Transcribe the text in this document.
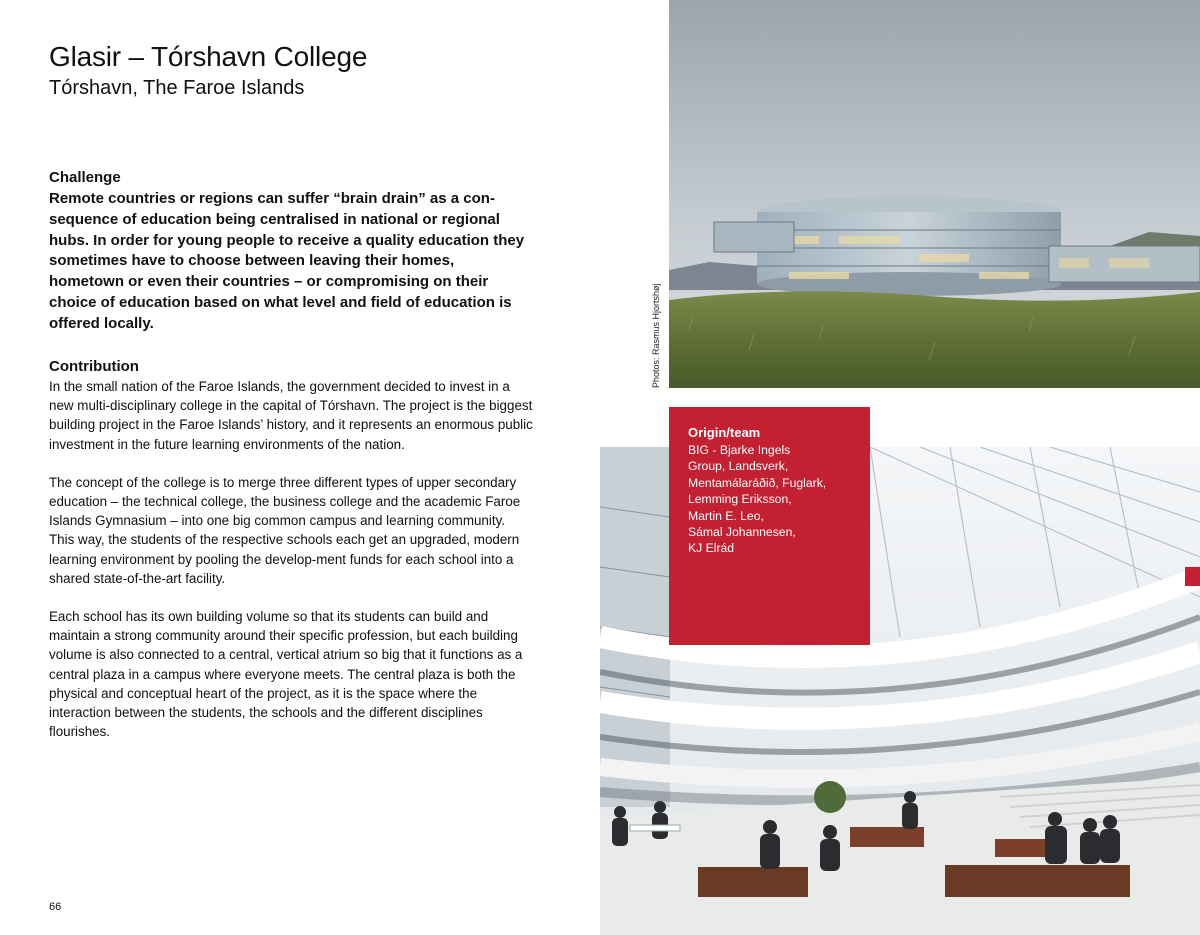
Glasir – Tórshavn College
Tórshavn, The Faroe Islands
Challenge
Remote countries or regions can suffer “brain drain” as a con-sequence of education being centralised in national or regional hubs. In order for young people to receive a quality education they sometimes have to choose between leaving their homes, hometown or even their countries – or compromising on their choice of education based on what level and field of education is offered locally.
Contribution

In the small nation of the Faroe Islands, the government decided to invest in a new multi-disciplinary college in the capital of Tórshavn. The project is the biggest building project in the Faroe Islands’ history, and it represents an enormous public investment in the future learning environments of the nation.

The concept of the college is to merge three different types of upper secondary education – the technical college, the business college and the academic Faroe Islands Gymnasium – into one big common campus and learning community. This way, the students of the respective schools each get an upgraded, modern learning environment by pooling the develop-ment funds for each school into a shared state-of-the-art facility.

Each school has its own building volume so that its students can build and maintain a strong community around their specific profession, but each building volume is also connected to a central, vertical atrium so big that it functions as a central plaza in a campus where everyone meets. The central plaza is both the physical and conceptual heart of the project, as it is the space where the interaction between the students, the schools and the different disciplines flourishes.

66
Photos: Rasmus Hjortshøj
Origin/team
BIG - Bjarke Ingels
Group, Landsverk,
Mentamálaráðið, Fuglark,
Lemming Eriksson,
Martin E. Leo,
Sámal Johannesen,
KJ Elrád
